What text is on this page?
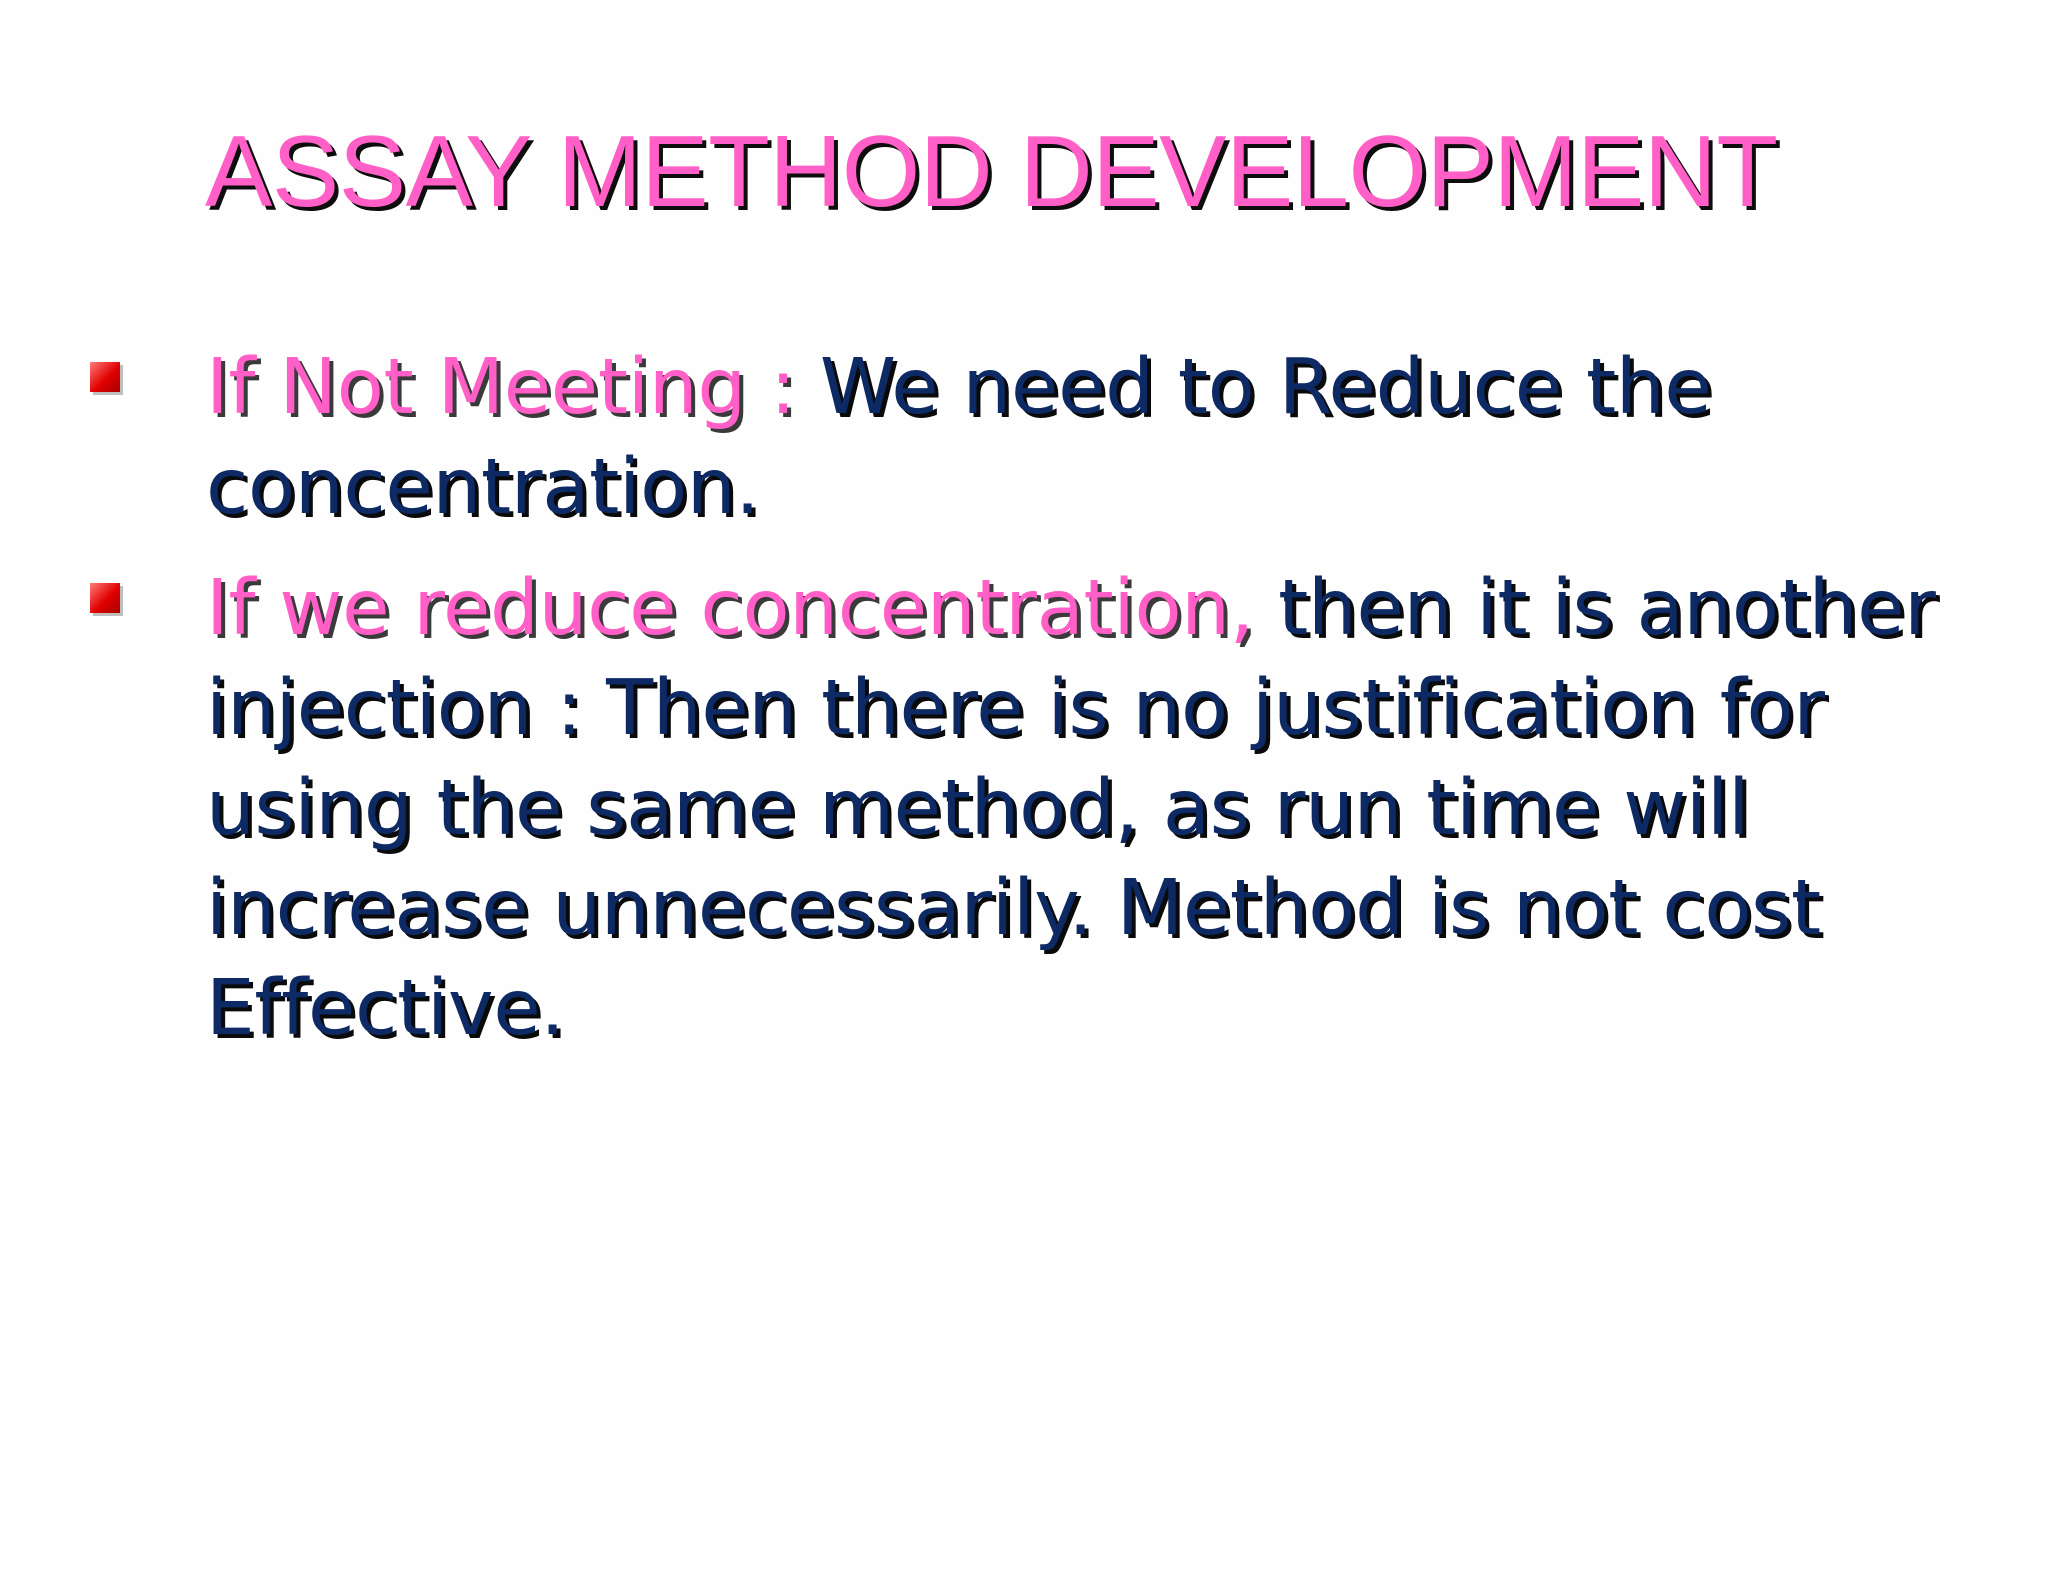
ASSAY METHOD DEVELOPMENT
If Not Meeting : We need to Reduce the concentration.
If we reduce concentration, then it is another injection : Then there is no justification for using the same method, as run time will increase unnecessarily. Method is not cost Effective.
